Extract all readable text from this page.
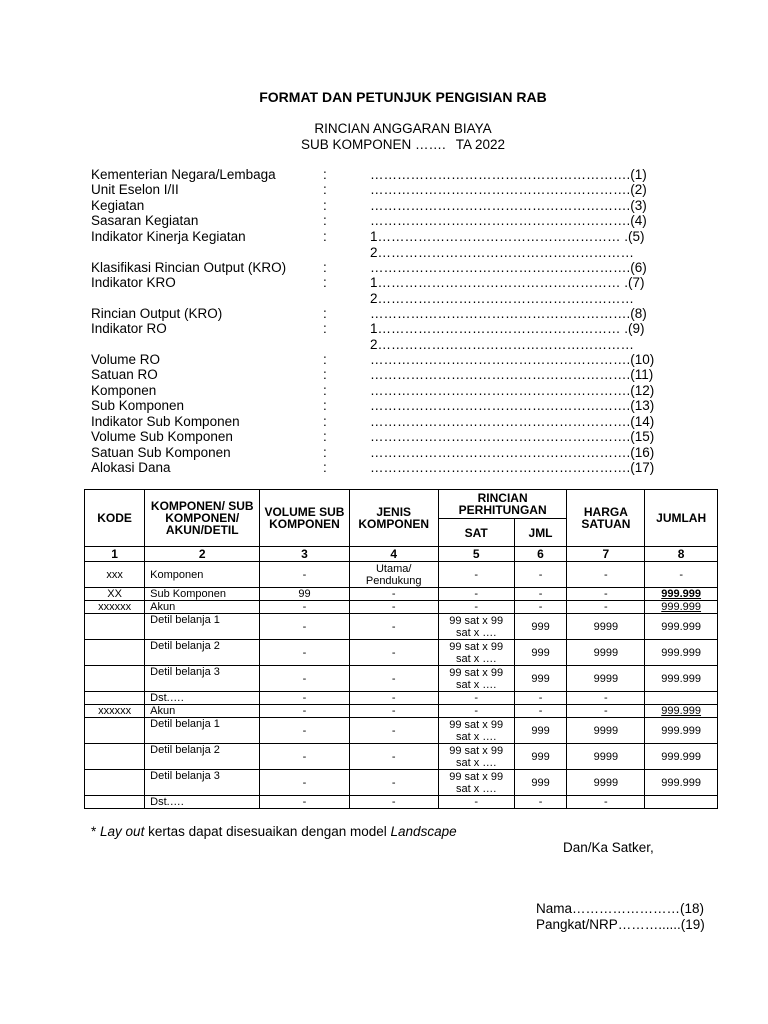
FORMAT DAN PETUNJUK PENGISIAN RAB
RINCIAN ANGGARAN BIAYA
SUB KOMPONEN ……. TA 2022
Kementerian Negara/Lembaga	:	………………………………………………….(1)
Unit Eselon I/II	:	………………………………………………….(2)
Kegiatan	:	………………………………………………….(3)
Sasaran Kegiatan	:	………………………………………………….(4)
Indikator Kinerja Kegiatan	:	1……………………………………………… .(5)
2…………………………………………………
Klasifikasi Rincian Output (KRO)	:	………………………………………………….(6)
Indikator KRO	:	1……………………………………………… .(7)
2…………………………………………………
Rincian Output (KRO)	:	………………………………………………….(8)
Indikator RO	:	1……………………………………………… .(9)
2…………………………………………………
Volume RO	:	………………………………………………….(10)
Satuan RO	:	………………………………………………….(11)
Komponen	:	………………………………………………….(12)
Sub Komponen	:	………………………………………………….(13)
Indikator Sub Komponen	:	………………………………………………….(14)
Volume Sub Komponen	:	………………………………………………….(15)
Satuan Sub Komponen	:	………………………………………………….(16)
Alokasi Dana	:	………………………………………………….(17)
KODE	KOMPONEN/ SUB KOMPONEN/ AKUN/DETIL	VOLUME SUB KOMPONEN	JENIS KOMPONEN	RINCIAN PERHITUNGAN		HARGA SATUAN	JUMLAH
				SAT	JML		
1	2	3	4	5	6	7	8
xxx	Komponen	-	Utama/ Pendukung	-	-	-	-
XX	Sub Komponen	99	-	-	-	-	999.999
xxxxxx	Akun	-	-	-	-	-	999.999
	Detil belanja 1	-	-	99 sat x 99 sat x ….	999	9999	999.999
	Detil belanja 2	-	-	99 sat x 99 sat x ….	999	9999	999.999
	Detil belanja 3	-	-	99 sat x 99 sat x ….	999	9999	999.999
	Dst.….	-	-	-	-	-	
xxxxxx	Akun	-	-	-	-	-	999.999
	Detil belanja 1	-	-	99 sat x 99 sat x ….	999	9999	999.999
	Detil belanja 2	-	-	99 sat x 99 sat x ….	999	9999	999.999
	Detil belanja 3	-	-	99 sat x 99 sat x ….	999	9999	999.999
	Dst.….	-	-	-	-	-	
* Lay out kertas dapat disesuaikan dengan model Landscape
Dan/Ka Satker,
Nama……………………(18)
Pangkat/NRP………......(19)
